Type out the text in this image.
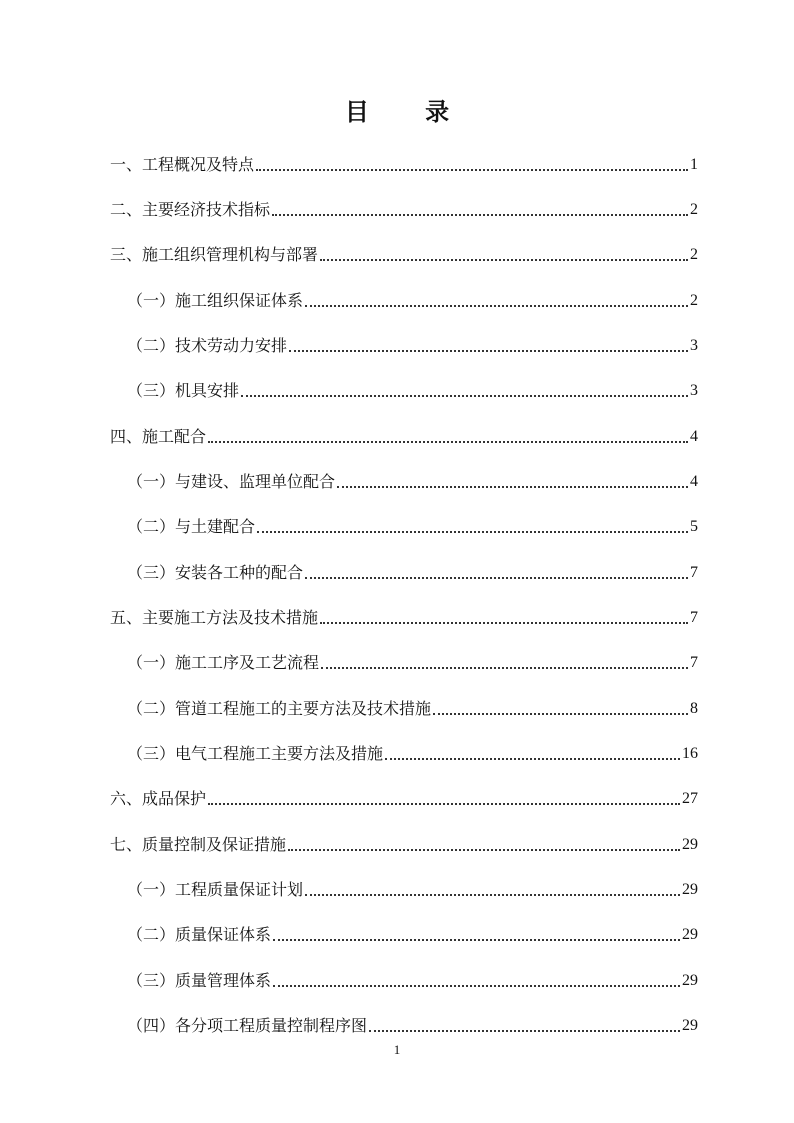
目 录
一、工程概况及特点	1
二、主要经济技术指标	2
三、施工组织管理机构与部署	2
（一）施工组织保证体系	2
（二）技术劳动力安排	3
（三）机具安排	3
四、施工配合	4
（一）与建设、监理单位配合	4
（二）与土建配合	5
（三）安装各工种的配合	7
五、主要施工方法及技术措施	7
（一）施工工序及工艺流程	7
（二）管道工程施工的主要方法及技术措施	8
（三）电气工程施工主要方法及措施	16
六、成品保护	27
七、质量控制及保证措施	29
（一）工程质量保证计划	29
（二）质量保证体系	29
（三）质量管理体系	29
（四）各分项工程质量控制程序图	29

1
